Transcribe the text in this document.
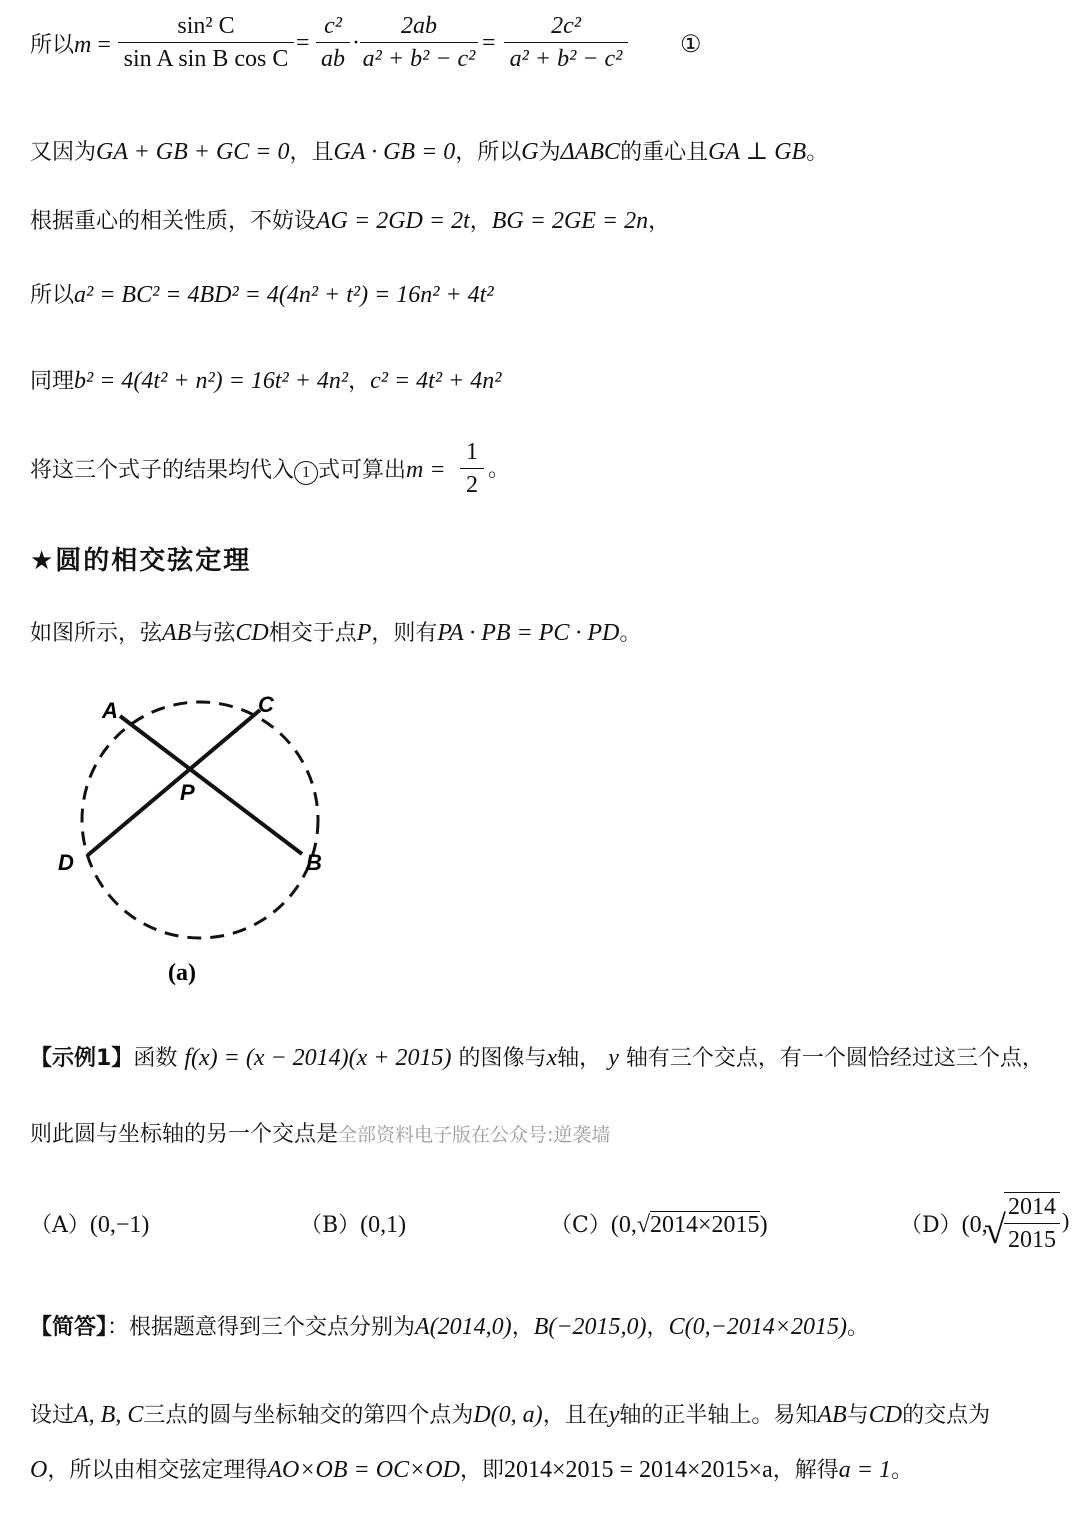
所以m =
sin² C
sin A sin B cos C
=
c²
ab
·
2ab
a² + b² − c²
=
2c²
a² + b² − c²
①
又因为GA + GB + GC = 0，且GA · GB = 0，所以G为ΔABC的重心且GA ⊥ GB。
根据重心的相关性质，不妨设AG = 2GD = 2t，BG = 2GE = 2n，
所以a² = BC² = 4BD² = 4(4n² + t²) = 16n² + 4t²
同理b² = 4(4t² + n²) = 16t² + 4n²，c² = 4t² + 4n²
将这三个式子的结果均代入 1 式可算出m =
1
2
。
★圆的相交弦定理
如图所示，弦AB与弦CD相交于点P，则有PA · PB = PC · PD。
A	C
P
D	B
(a)
【示例1】函数 f(x) = (x − 2014)(x + 2015) 的图像与x轴， y 轴有三个交点，有一个圆恰经过这三个点，
则此圆与坐标轴的另一个交点是全部资料电子版在公众号:逆袭墙
（A）(0,−1)	（B）(0,1)	（C）(0,√2014×2015)	（D）(0,
√ 2014
2015
)
【简答】：根据题意得到三个交点分别为A(2014,0)，B(−2015,0)，C(0,−2014×2015)。
设过A, B, C三点的圆与坐标轴交的第四个点为D(0, a)，且在y轴的正半轴上。易知AB与CD的交点为
O，所以由相交弦定理得AO×OB = OC×OD，即2014×2015 = 2014×2015×a，解得a = 1。
